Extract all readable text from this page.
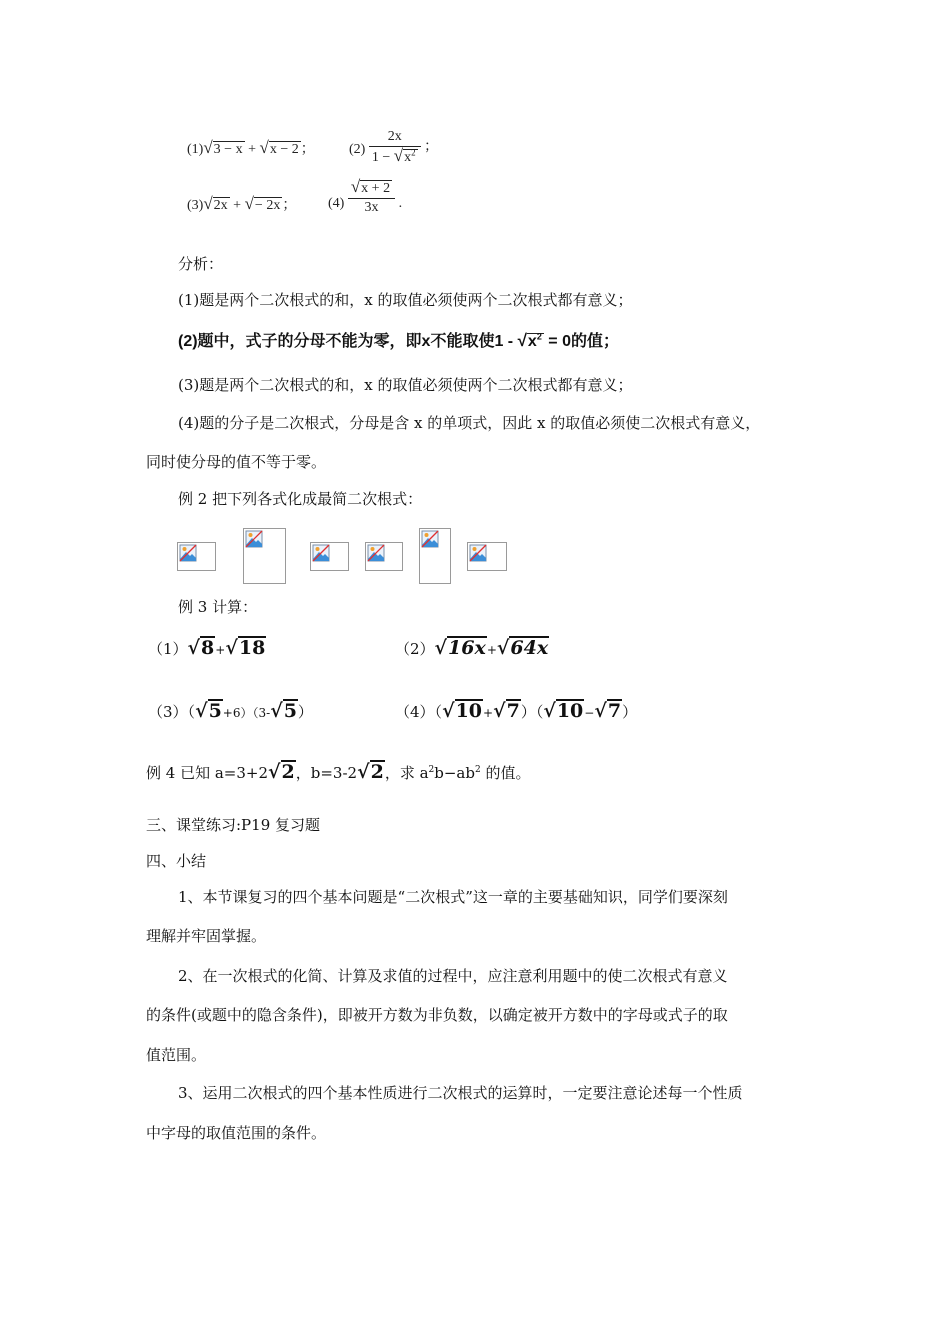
(1)√3 − x + √x − 2 ； $(2) \frac{2x}{1 - √x^2}$ ；
(3)√2x + √− 2x ； $(4) \frac{√x + 2}{3x}$ .
分析：
(1)题是两个二次根式的和，x 的取值必须使两个二次根式都有意义；
(2)题中，式子的分母不能为零，即x不能取使$1 - √x^2 = 0$的值；
(3)题是两个二次根式的和，x 的取值必须使两个二次根式都有意义；
(4)题的分子是二次根式，分母是含 x 的单项式，因此 x 的取值必须使二次根式有意义，
同时使分母的值不等于零。
例 2 把下列各式化成最简二次根式：
例 3 计算：
（1）√8+√18	（2）√16x+√64x
（3）（√5+6）（3-√5）	（4）（√10+√7）（√10−√7）
例 4 已知 a=3+2√2，b=3-2√2，求 $a^2b-ab^2$ 的值。
三、课堂练习:P19 复习题
四、小结
1、本节课复习的四个基本问题是“二次根式”这一章的主要基础知识，同学们要深刻
理解并牢固掌握。
2、在一次根式的化简、计算及求值的过程中，应注意利用题中的使二次根式有意义
的条件(或题中的隐含条件)，即被开方数为非负数，以确定被开方数中的字母或式子的取
值范围。
3、运用二次根式的四个基本性质进行二次根式的运算时，一定要注意论述每一个性质
中字母的取值范围的条件。
